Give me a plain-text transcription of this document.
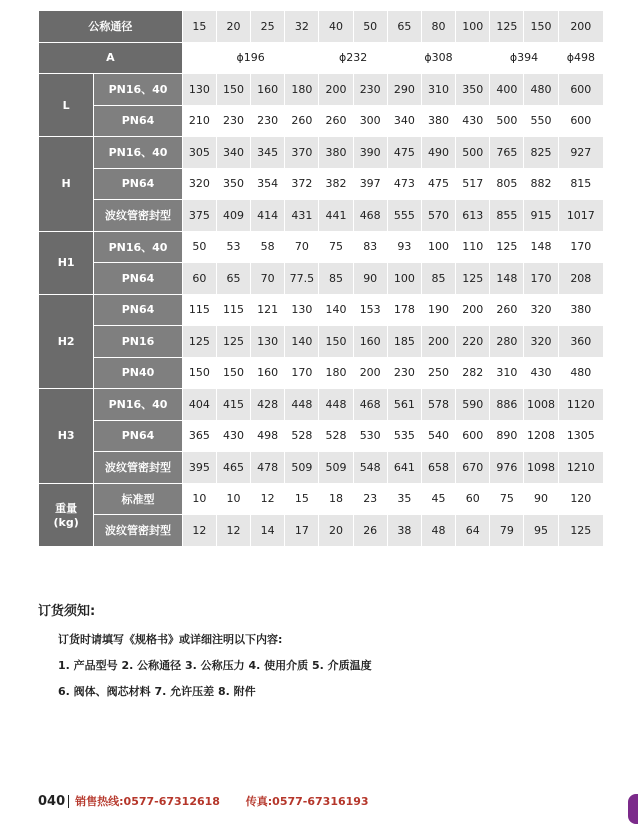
公称通径		15	20	25	32	40	50	65	80	100	125	150	200
A		ϕ196				ϕ232		ϕ308			ϕ394		ϕ498
L	PN16、40	130	150	160	180	200	230	290	310	350	400	480	600
	PN64	210	230	230	260	260	300	340	380	430	500	550	600
H	PN16、40	305	340	345	370	380	390	475	490	500	765	825	927
	PN64	320	350	354	372	382	397	473	475	517	805	882	815
	波纹管密封型	375	409	414	431	441	468	555	570	613	855	915	1017
H1	PN16、40	50	53	58	70	75	83	93	100	110	125	148	170
	PN64	60	65	70	77.5	85	90	100	85	125	148	170	208
H2	PN64	115	115	121	130	140	153	178	190	200	260	320	380
	PN16	125	125	130	140	150	160	185	200	220	280	320	360
	PN40	150	150	160	170	180	200	230	250	282	310	430	480
H3	PN16、40	404	415	428	448	448	468	561	578	590	886	1008	1120
	PN64	365	430	498	528	528	530	535	540	600	890	1208	1305
	波纹管密封型	395	465	478	509	509	548	641	658	670	976	1098	1210

重量
(kg)	标准型	10	10	12	15	18	23	35	45	60	75	90	120
	波纹管密封型	12	12	14	17	20	26	38	48	64	79	95	125
订货须知:
订货时请填写《规格书》或详细注明以下内容:
1. 产品型号 2. 公称通径 3. 公称压力 4. 使用介质 5. 介质温度
6. 阀体、阀芯材料 7. 允许压差 8. 附件
040 销售热线:0577-67312618 传真:0577-67316193
